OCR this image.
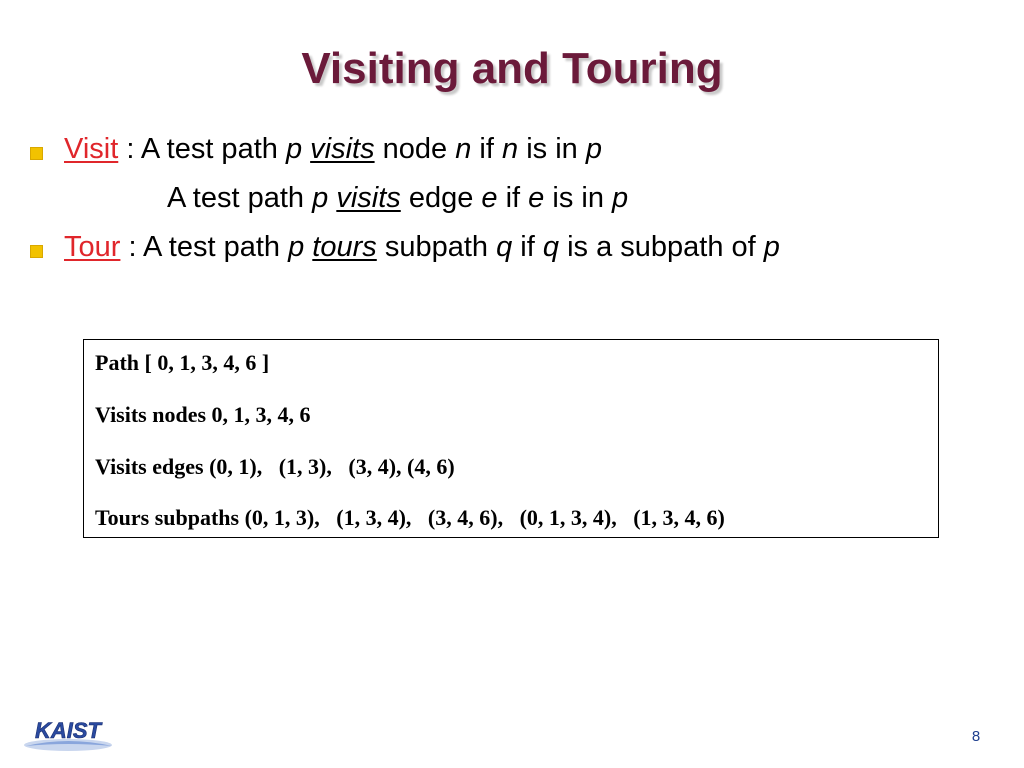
Visiting and Touring
Visit : A test path p visits node n if n is in p
A test path p visits edge e if e is in p
Tour : A test path p tours subpath q if q is a subpath of p
Path [ 0, 1, 3, 4, 6 ]
Visits nodes 0, 1, 3, 4, 6
Visits edges (0, 1),   (1, 3),   (3, 4), (4, 6)
Tours subpaths (0, 1, 3),   (1, 3, 4),   (3, 4, 6),   (0, 1, 3, 4),   (1, 3, 4, 6)
KAIST	8
